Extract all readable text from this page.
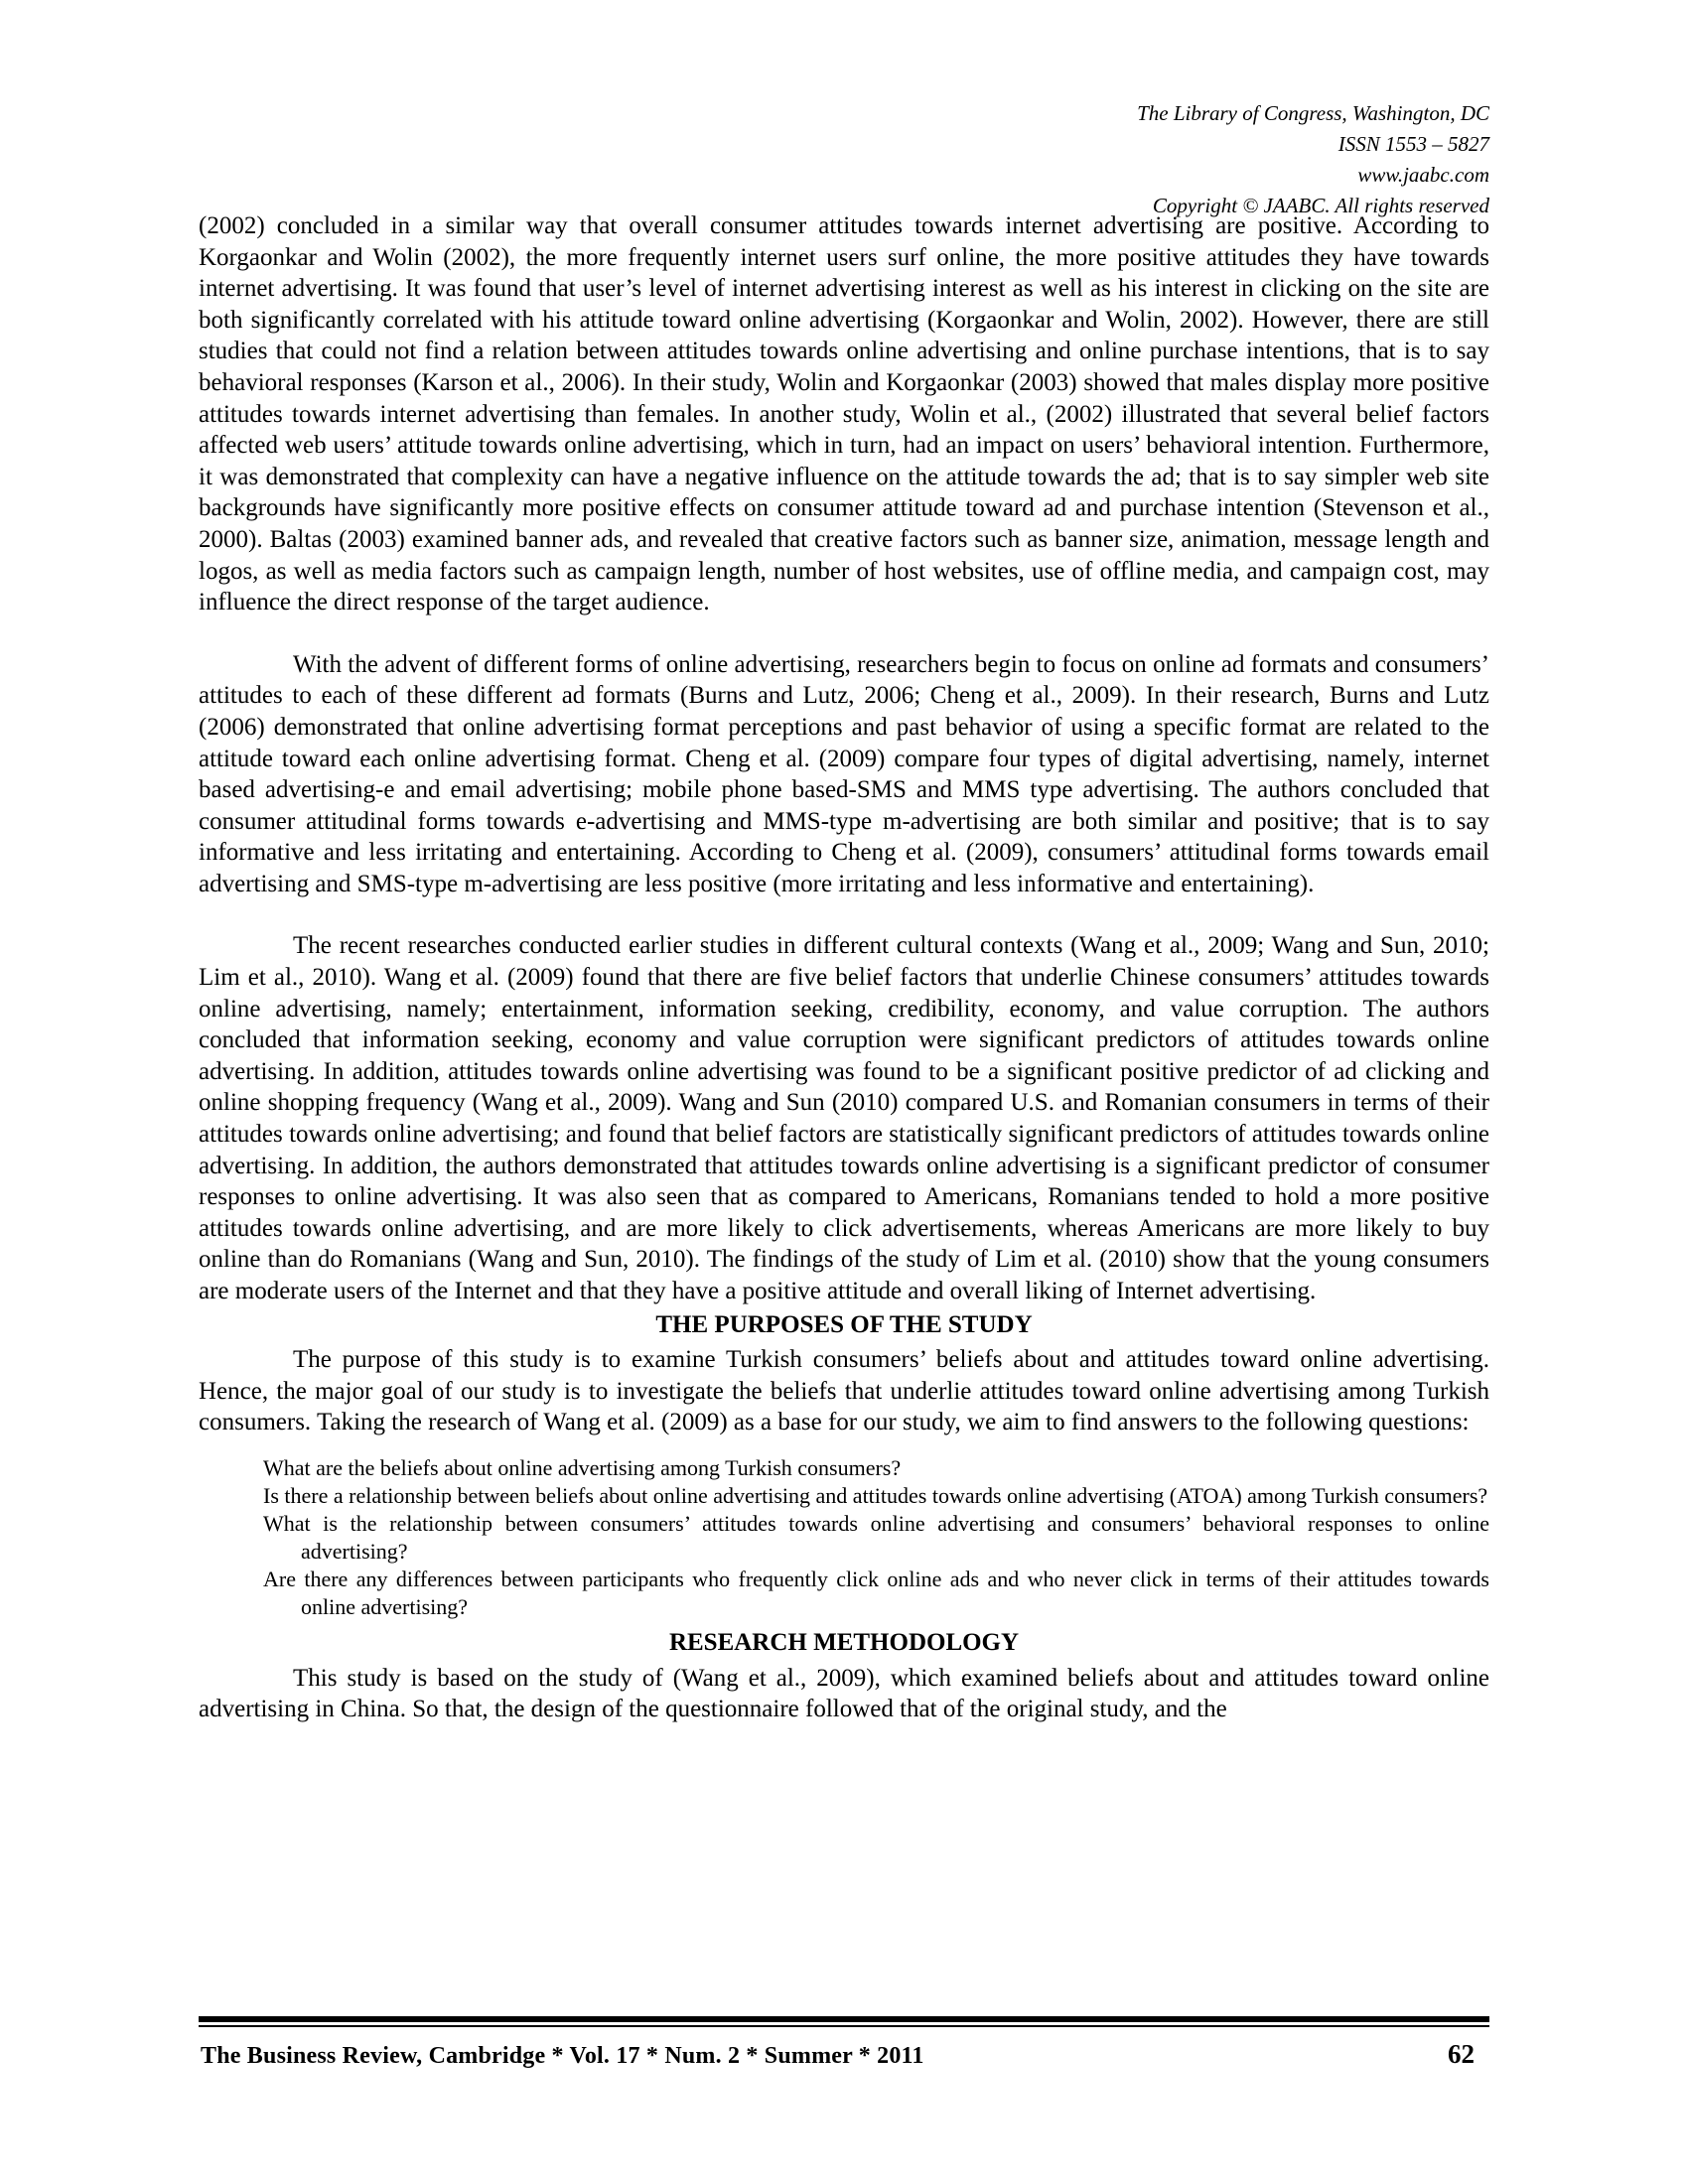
The Library of Congress, Washington, DC
ISSN 1553 – 5827
www.jaabc.com
Copyright © JAABC. All rights reserved

(2002) concluded in a similar way that overall consumer attitudes towards internet advertising are positive. According to Korgaonkar and Wolin (2002), the more frequently internet users surf online, the more positive attitudes they have towards internet advertising. It was found that user’s level of internet advertising interest as well as his interest in clicking on the site are both significantly correlated with his attitude toward online advertising (Korgaonkar and Wolin, 2002). However, there are still studies that could not find a relation between attitudes towards online advertising and online purchase intentions, that is to say behavioral responses (Karson et al., 2006). In their study, Wolin and Korgaonkar (2003) showed that males display more positive attitudes towards internet advertising than females. In another study, Wolin et al., (2002) illustrated that several belief factors affected web users’ attitude towards online advertising, which in turn, had an impact on users’ behavioral intention. Furthermore, it was demonstrated that complexity can have a negative influence on the attitude towards the ad; that is to say simpler web site backgrounds have significantly more positive effects on consumer attitude toward ad and purchase intention (Stevenson et al., 2000). Baltas (2003) examined banner ads, and revealed that creative factors such as banner size, animation, message length and logos, as well as media factors such as campaign length, number of host websites, use of offline media, and campaign cost, may influence the direct response of the target audience.

With the advent of different forms of online advertising, researchers begin to focus on online ad formats and consumers’ attitudes to each of these different ad formats (Burns and Lutz, 2006; Cheng et al., 2009). In their research, Burns and Lutz (2006) demonstrated that online advertising format perceptions and past behavior of using a specific format are related to the attitude toward each online advertising format. Cheng et al. (2009) compare four types of digital advertising, namely, internet based advertising-e and email advertising; mobile phone based-SMS and MMS type advertising. The authors concluded that consumer attitudinal forms towards e-advertising and MMS-type m-advertising are both similar and positive; that is to say informative and less irritating and entertaining. According to Cheng et al. (2009), consumers’ attitudinal forms towards email advertising and SMS-type m-advertising are less positive (more irritating and less informative and entertaining).

The recent researches conducted earlier studies in different cultural contexts (Wang et al., 2009; Wang and Sun, 2010; Lim et al., 2010). Wang et al. (2009) found that there are five belief factors that underlie Chinese consumers’ attitudes towards online advertising, namely; entertainment, information seeking, credibility, economy, and value corruption. The authors concluded that information seeking, economy and value corruption were significant predictors of attitudes towards online advertising. In addition, attitudes towards online advertising was found to be a significant positive predictor of ad clicking and online shopping frequency (Wang et al., 2009). Wang and Sun (2010) compared U.S. and Romanian consumers in terms of their attitudes towards online advertising; and found that belief factors are statistically significant predictors of attitudes towards online advertising. In addition, the authors demonstrated that attitudes towards online advertising is a significant predictor of consumer responses to online advertising. It was also seen that as compared to Americans, Romanians tended to hold a more positive attitudes towards online advertising, and are more likely to click advertisements, whereas Americans are more likely to buy online than do Romanians (Wang and Sun, 2010). The findings of the study of Lim et al. (2010) show that the young consumers are moderate users of the Internet and that they have a positive attitude and overall liking of Internet advertising.

THE PURPOSES OF THE STUDY

The purpose of this study is to examine Turkish consumers’ beliefs about and attitudes toward online advertising. Hence, the major goal of our study is to investigate the beliefs that underlie attitudes toward online advertising among Turkish consumers. Taking the research of Wang et al. (2009) as a base for our study, we aim to find answers to the following questions:

What are the beliefs about online advertising among Turkish consumers?

Is there a relationship between beliefs about online advertising and attitudes towards online advertising (ATOA) among Turkish consumers?

What is the relationship between consumers’ attitudes towards online advertising and consumers’ behavioral responses to online advertising?

Are there any differences between participants who frequently click online ads and who never click in terms of their attitudes towards online advertising?

RESEARCH METHODOLOGY

This study is based on the study of (Wang et al., 2009), which examined beliefs about and attitudes toward online advertising in China. So that, the design of the questionnaire followed that of the original study, and the

The Business Review, Cambridge * Vol. 17 * Num. 2 * Summer * 2011	62
